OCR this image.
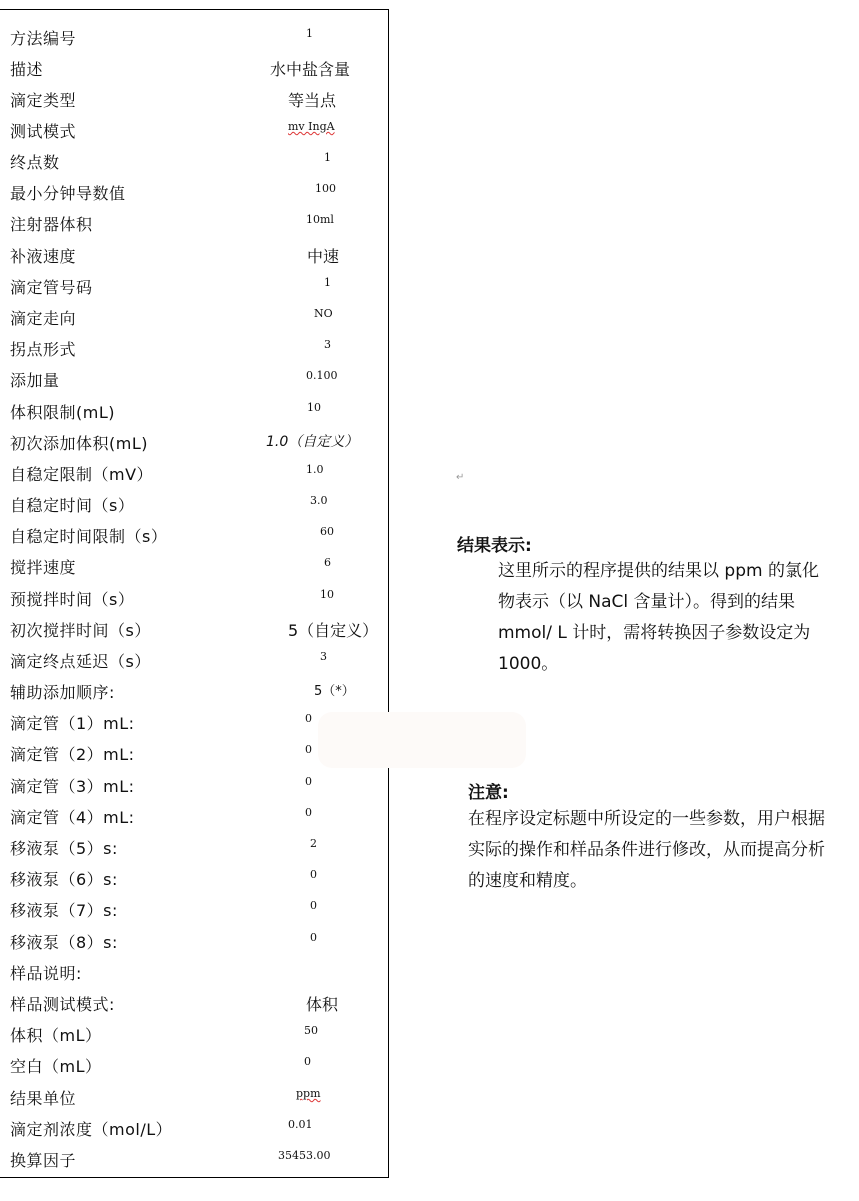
方法编号	1
描述	水中盐含量
滴定类型	等当点
测试模式	mv IngA
终点数	1
最小分钟导数值	100
注射器体积	10ml
补液速度	中速
滴定管号码	1
滴定走向	NO
拐点形式	3
添加量	0.100
体积限制(mL)	10
初次添加体积(mL)	1.0（自定义）
自稳定限制（mV）	1.0
自稳定时间（s）	3.0
自稳定时间限制（s）	60
搅拌速度	6
预搅拌时间（s）	10
初次搅拌时间（s）	5（自定义）
滴定终点延迟（s）	3
辅助添加顺序:	5（*）
滴定管（1）mL:	0
滴定管（2）mL:	0
滴定管（3）mL:	0
滴定管（4）mL:	0
移液泵（5）s:	2
移液泵（6）s:	0
移液泵（7）s:	0
移液泵（8）s:	0
样品说明:
样品测试模式:	体积
体积（mL）	50
空白（mL）	0
结果单位	ppm
滴定剂浓度（mol/L）	0.01
换算因子	35453.00
↵
结果表示:
这里所示的程序提供的结果以 ppm 的氯化物表示（以 NaCl 含量计）。得到的结果 mmol/ L 计时，需将转换因子参数设定为 1000。
注意:
在程序设定标题中所设定的一些参数，用户根据实际的操作和样品条件进行修改，从而提高分析的速度和精度。
